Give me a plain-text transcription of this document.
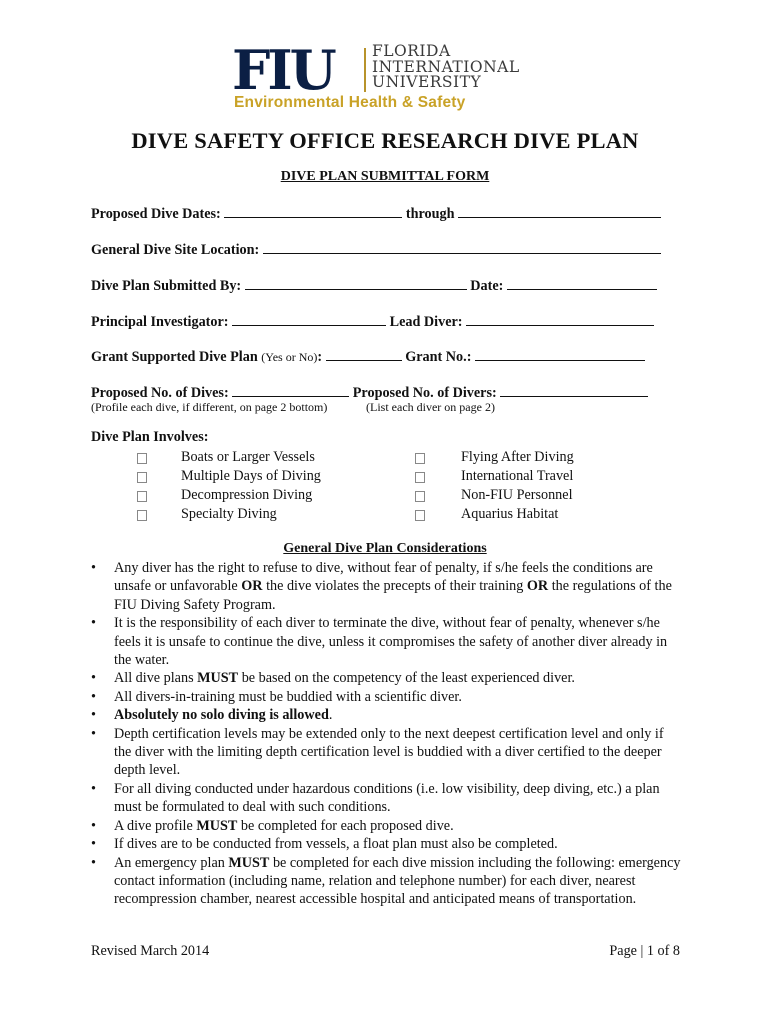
FIU	FLORIDA
INTERNATIONAL
UNIVERSITY
Environmental Health & Safety
DIVE SAFETY OFFICE RESEARCH DIVE PLAN
DIVE PLAN SUBMITTAL FORM
Proposed Dive Dates:	through
General Dive Site Location:
Dive Plan Submitted By:	Date:
Principal Investigator:	Lead Diver:
Grant Supported Dive Plan (Yes or No):	Grant No.:
Proposed No. of Dives:	Proposed No. of Divers:
(Profile each dive, if different, on page 2 bottom)	(List each diver on page 2)
Dive Plan Involves:
Boats or Larger Vessels
Multiple Days of Diving
Decompression Diving
Specialty Diving
Flying After Diving
International Travel
Non-FIU Personnel
Aquarius Habitat
General Dive Plan Considerations
• Any diver has the right to refuse to dive, without fear of penalty, if s/he feels the conditions are unsafe or unfavorable OR the dive violates the precepts of their training OR the regulations of the FIU Diving Safety Program.
• It is the responsibility of each diver to terminate the dive, without fear of penalty, whenever s/he feels it is unsafe to continue the dive, unless it compromises the safety of another diver already in the water.
• All dive plans MUST be based on the competency of the least experienced diver.
• All divers-in-training must be buddied with a scientific diver.
• Absolutely no solo diving is allowed.
• Depth certification levels may be extended only to the next deepest certification level and only if the diver with the limiting depth certification level is buddied with a diver certified to the deeper depth level.
• For all diving conducted under hazardous conditions (i.e. low visibility, deep diving, etc.) a plan must be formulated to deal with such conditions.
• A dive profile MUST be completed for each proposed dive.
• If dives are to be conducted from vessels, a float plan must also be completed.
• An emergency plan MUST be completed for each dive mission including the following: emergency contact information (including name, relation and telephone number) for each diver, nearest recompression chamber, nearest accessible hospital and anticipated means of transportation.
Revised March 2014	Page | 1 of 8
